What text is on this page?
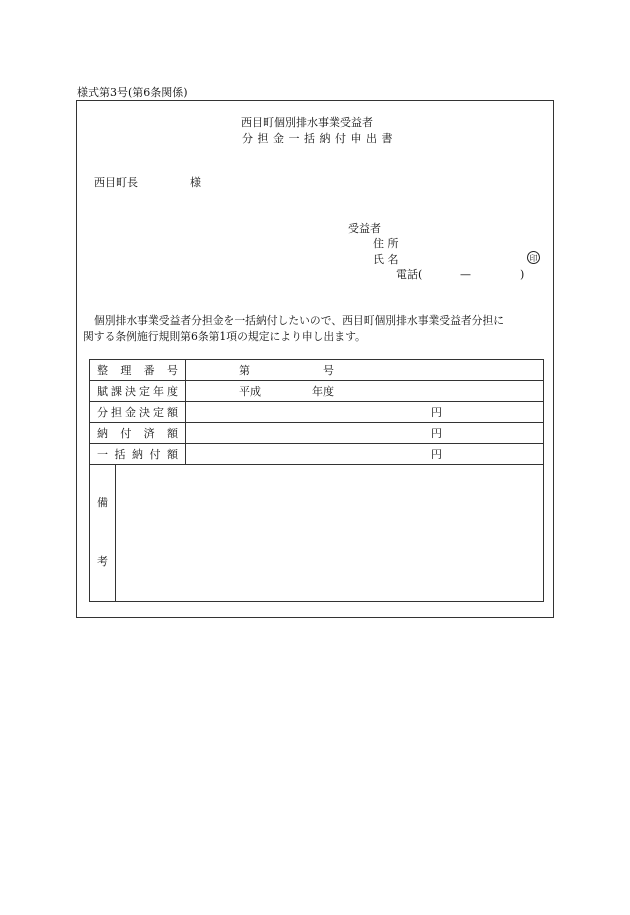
様式第3号(第6条関係)
西目町個別排水事業受益者
分 担 金 一 括 納 付 申 出 書
西目町長	様
受益者
住 所
氏 名	印
電話(	—	)
個別排水事業受益者分担金を一括納付したいので、西目町個別排水事業受益者分担に
関する条例施行規則第6条第1項の規定により申し出ます。
整理番号	第	号
賦課決定年度	平成	年度
分担金決定額	円
納付済額	円
一括納付額	円
備
考
